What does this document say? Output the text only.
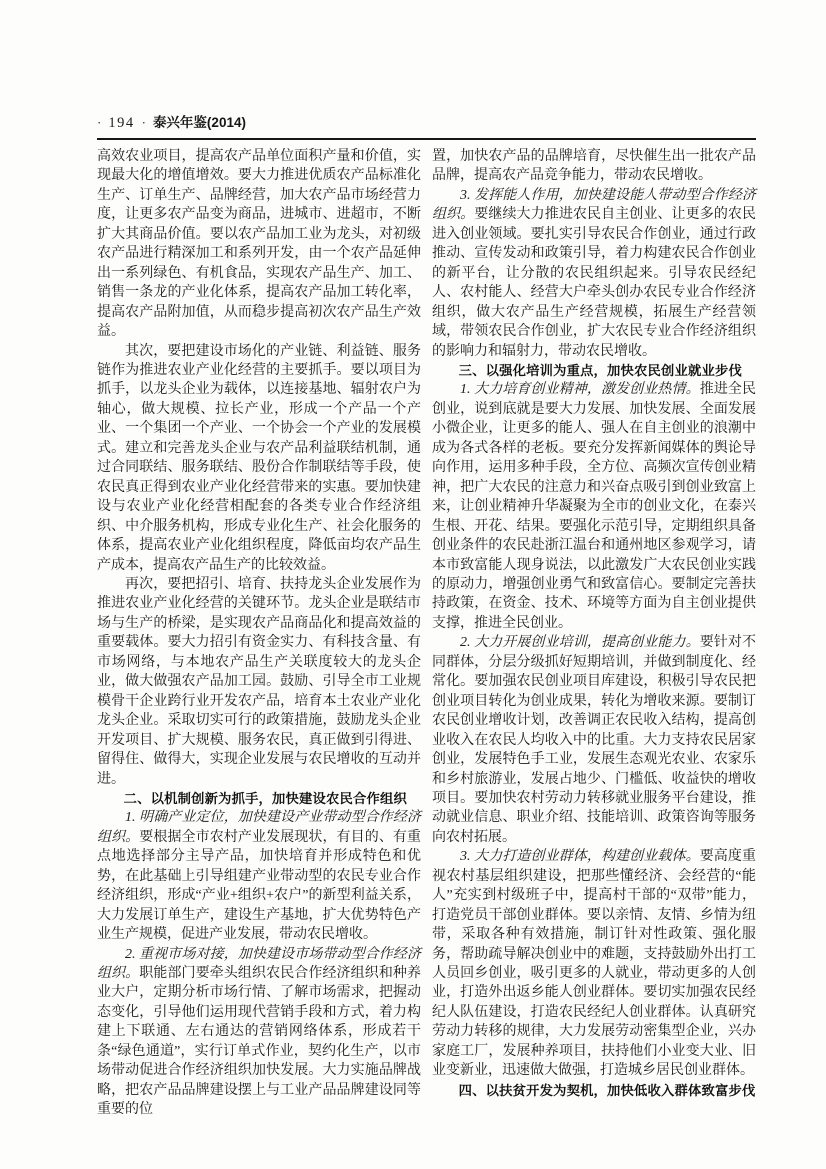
· 194 · 泰兴年鉴(2014)

高效农业项目，提高农产品单位面积产量和价值，实现最大化的增值增效。要大力推进优质农产品标准化生产、订单生产、品牌经营，加大农产品市场经营力度，让更多农产品变为商品，进城市、进超市，不断扩大其商品价值。要以农产品加工业为龙头，对初级农产品进行精深加工和系列开发，由一个农产品延伸出一系列绿色、有机食品，实现农产品生产、加工、销售一条龙的产业化体系，提高农产品加工转化率，提高农产品附加值，从而稳步提高初次农产品生产效益。

其次，要把建设市场化的产业链、利益链、服务链作为推进农业产业化经营的主要抓手。要以项目为抓手，以龙头企业为载体，以连接基地、辐射农户为轴心，做大规模、拉长产业，形成一个产品一个产业、一个集团一个产业、一个协会一个产业的发展模式。建立和完善龙头企业与农产品利益联结机制，通过合同联结、服务联结、股份合作制联结等手段，使农民真正得到农业产业化经营带来的实惠。要加快建设与农业产业化经营相配套的各类专业合作经济组织、中介服务机构，形成专业化生产、社会化服务的体系，提高农业产业化组织程度，降低亩均农产品生产成本，提高农产品生产的比较效益。

再次，要把招引、培育、扶持龙头企业发展作为推进农业产业化经营的关键环节。龙头企业是联结市场与生产的桥梁，是实现农产品商品化和提高效益的重要载体。要大力招引有资金实力、有科技含量、有市场网络，与本地农产品生产关联度较大的龙头企业，做大做强农产品加工园。鼓励、引导全市工业规模骨干企业跨行业开发农产品，培育本土农业产业化龙头企业。采取切实可行的政策措施，鼓励龙头企业开发项目、扩大规模、服务农民，真正做到引得进、留得住、做得大，实现企业发展与农民增收的互动并进。

二、以机制创新为抓手，加快建设农民合作组织

1. 明确产业定位，加快建设产业带动型合作经济组织。要根据全市农村产业发展现状，有目的、有重点地选择部分主导产品，加快培育并形成特色和优势，在此基础上引导组建产业带动型的农民专业合作经济组织，形成“产业+组织+农户”的新型利益关系，大力发展订单生产，建设生产基地，扩大优势特色产业生产规模，促进产业发展，带动农民增收。

2. 重视市场对接，加快建设市场带动型合作经济组织。职能部门要牵头组织农民合作经济组织和种养业大户，定期分析市场行情、了解市场需求，把握动态变化，引导他们运用现代营销手段和方式，着力构建上下联通、左右通达的营销网络体系，形成若干条“绿色通道”，实行订单式作业，契约化生产，以市场带动促进合作经济组织加快发展。大力实施品牌战略，把农产品品牌建设摆上与工业产品品牌建设同等重要的位

置，加快农产品的品牌培育，尽快催生出一批农产品品牌，提高农产品竞争能力，带动农民增收。

3. 发挥能人作用，加快建设能人带动型合作经济组织。要继续大力推进农民自主创业、让更多的农民进入创业领域。要扎实引导农民合作创业，通过行政推动、宣传发动和政策引导，着力构建农民合作创业的新平台，让分散的农民组织起来。引导农民经纪人、农村能人、经营大户牵头创办农民专业合作经济组织，做大农产品生产经营规模，拓展生产经营领域，带领农民合作创业，扩大农民专业合作经济组织的影响力和辐射力，带动农民增收。

三、以强化培训为重点，加快农民创业就业步伐

1. 大力培育创业精神，激发创业热情。推进全民创业，说到底就是要大力发展、加快发展、全面发展小微企业，让更多的能人、强人在自主创业的浪潮中成为各式各样的老板。要充分发挥新闻媒体的舆论导向作用，运用多种手段，全方位、高频次宣传创业精神，把广大农民的注意力和兴奋点吸引到创业致富上来，让创业精神升华凝聚为全市的创业文化，在泰兴生根、开花、结果。要强化示范引导，定期组织具备创业条件的农民赴浙江温台和通州地区参观学习，请本市致富能人现身说法，以此激发广大农民创业实践的原动力，增强创业勇气和致富信心。要制定完善扶持政策，在资金、技术、环境等方面为自主创业提供支撑，推进全民创业。

2. 大力开展创业培训，提高创业能力。要针对不同群体，分层分级抓好短期培训，并做到制度化、经常化。要加强农民创业项目库建设，积极引导农民把创业项目转化为创业成果，转化为增收来源。要制订农民创业增收计划，改善调正农民收入结构，提高创业收入在农民人均收入中的比重。大力支持农民居家创业，发展特色手工业，发展生态观光农业、农家乐和乡村旅游业，发展占地少、门槛低、收益快的增收项目。要加快农村劳动力转移就业服务平台建设，推动就业信息、职业介绍、技能培训、政策咨询等服务向农村拓展。

3. 大力打造创业群体，构建创业载体。要高度重视农村基层组织建设，把那些懂经济、会经营的“能人”充实到村级班子中，提高村干部的“双带”能力，打造党员干部创业群体。要以亲情、友情、乡情为纽带，采取各种有效措施，制订针对性政策、强化服务，帮助疏导解决创业中的难题，支持鼓励外出打工人员回乡创业，吸引更多的人就业，带动更多的人创业，打造外出返乡能人创业群体。要切实加强农民经纪人队伍建设，打造农民经纪人创业群体。认真研究劳动力转移的规律，大力发展劳动密集型企业，兴办家庭工厂，发展种养项目，扶持他们小业变大业、旧业变新业，迅速做大做强，打造城乡居民创业群体。

四、以扶贫开发为契机，加快低收入群体致富步伐
